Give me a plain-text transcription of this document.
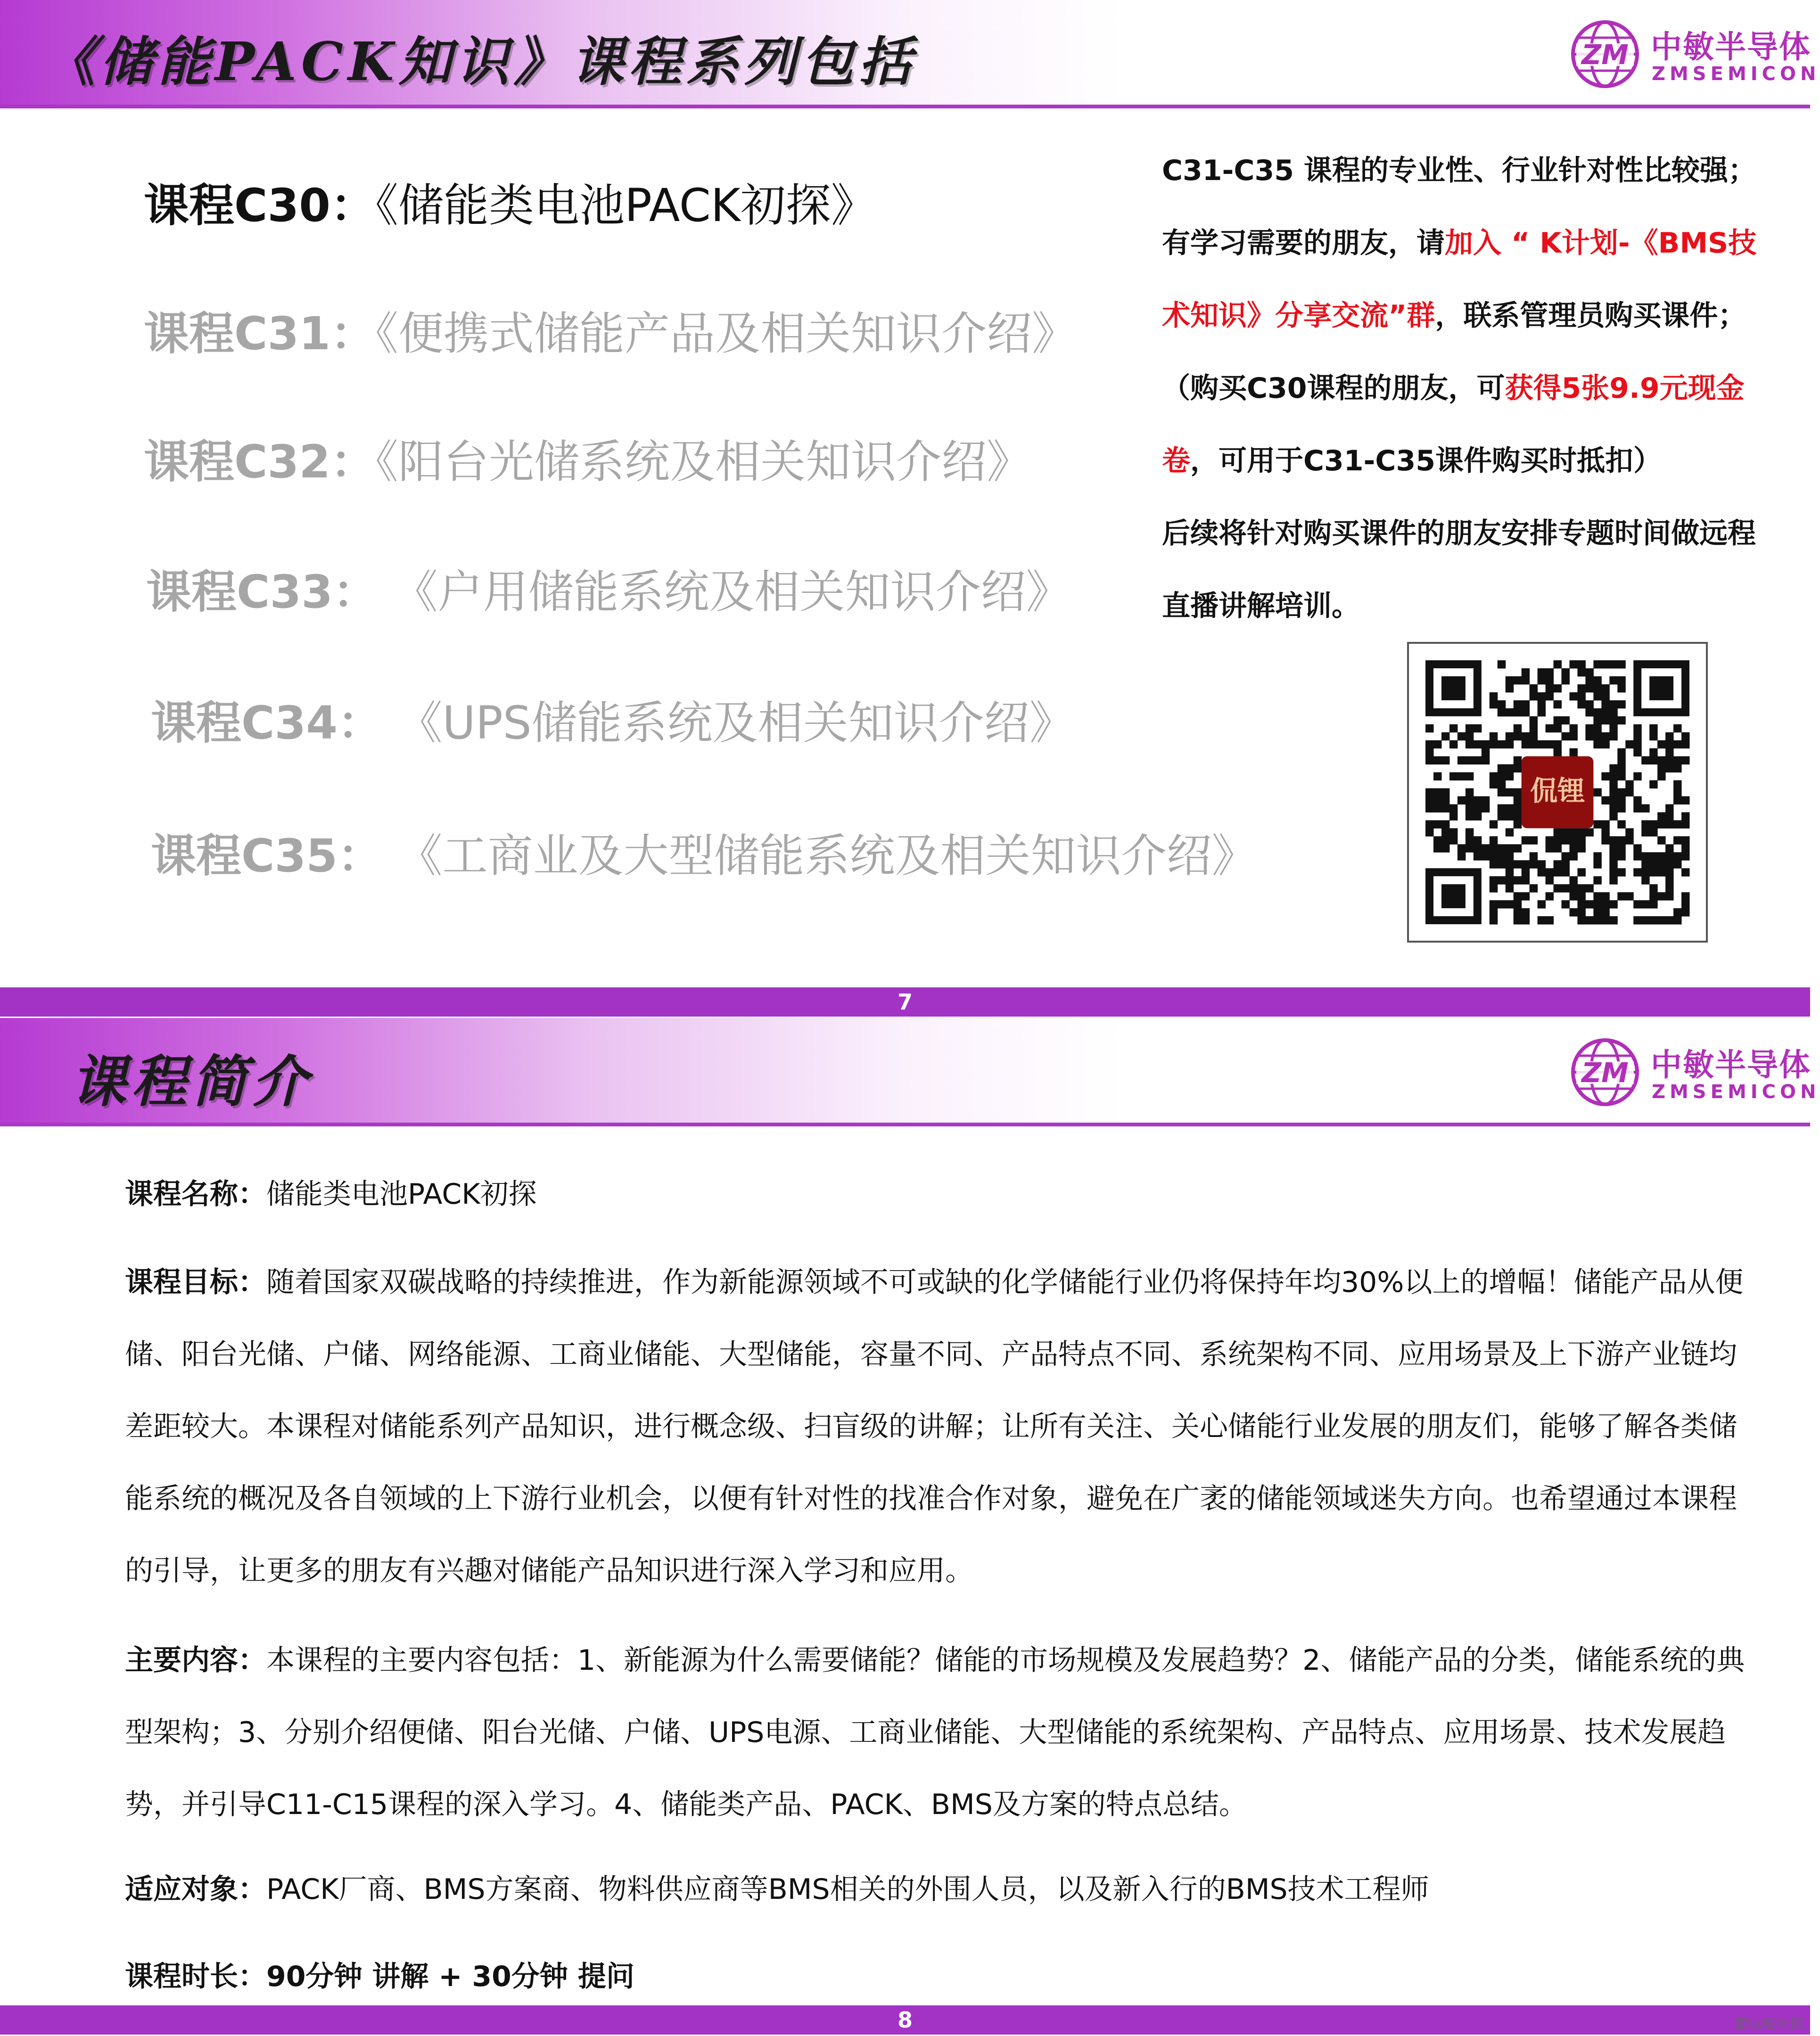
《储能PACK知识》课程系列包括	ZM 中敏半导体
ZMSEMICON
课程C30：《储能类电池PACK初探》
课程C31：《便携式储能产品及相关知识介绍》
课程C32：《阳台光储系统及相关知识介绍》
课程C33： 《户用储能系统及相关知识介绍》
课程C34： 《UPS储能系统及相关知识介绍》
课程C35： 《工商业及大型储能系统及相关知识介绍》
C31-C35 课程的专业性、行业针对性比较强；
有学习需要的朋友，请加入 “ K计划-《BMS技术知识》分享交流”群，联系管理员购买课件；（购买C30课程的朋友，可获得5张9.9元现金卷，可用于C31-C35课件购买时抵扣）
后续将针对购买课件的朋友安排专题时间做远程直播讲解培训。
侃锂
7
课程简介	ZM 中敏半导体
ZMSEMICON
课程名称：储能类电池PACK初探
课程目标：随着国家双碳战略的持续推进，作为新能源领域不可或缺的化学储能行业仍将保持年均30%以上的增幅！储能产品从便储、阳台光储、户储、网络能源、工商业储能、大型储能，容量不同、产品特点不同、系统架构不同、应用场景及上下游产业链均差距较大。本课程对储能系列产品知识，进行概念级、扫盲级的讲解；让所有关注、关心储能行业发展的朋友们，能够了解各类储能系统的概况及各自领域的上下游行业机会，以便有针对性的找准合作对象，避免在广袤的储能领域迷失方向。也希望通过本课程的引导，让更多的朋友有兴趣对储能产品知识进行深入学习和应用。
主要内容：本课程的主要内容包括：1、新能源为什么需要储能？储能的市场规模及发展趋势？2、储能产品的分类，储能系统的典型架构；3、分别介绍便储、阳台光储、户储、UPS电源、工商业储能、大型储能的系统架构、产品特点、应用场景、技术发展趋势，并引导C11-C15课程的深入学习。4、储能类产品、PACK、BMS及方案的特点总结。
适应对象：PACK厂商、BMS方案商、物料供应商等BMS相关的外围人员，以及新入行的BMS技术工程师
课程时长：90分钟 讲解 + 30分钟 提问
8	面包板社区
